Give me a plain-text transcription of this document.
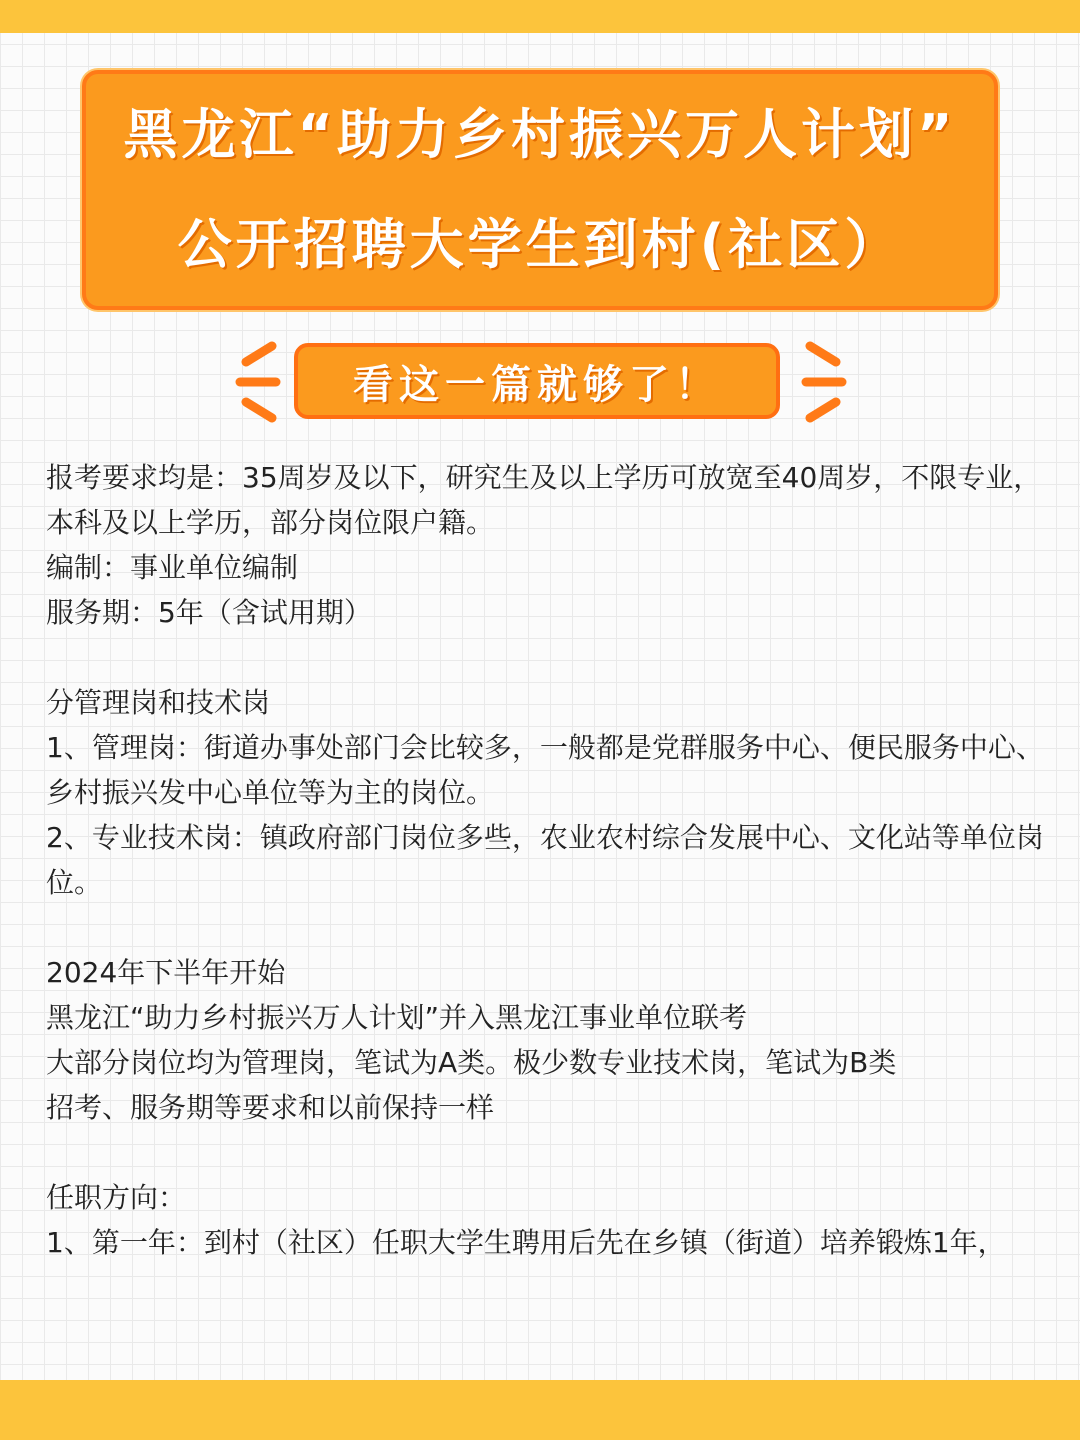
黑龙江“助力乡村振兴万人计划”
公开招聘大学生到村(社区）
看这一篇就够了！

报考要求均是：35周岁及以下，研究生及以上学历可放宽至40周岁，不限专业，本科及以上学历，部分岗位限户籍。

编制：事业单位编制

服务期：5年（含试用期）

分管理岗和技术岗

1、管理岗：街道办事处部门会比较多，一般都是党群服务中心、便民服务中心、乡村振兴发中心单位等为主的岗位。

2、专业技术岗：镇政府部门岗位多些，农业农村综合发展中心、文化站等单位岗位。

2024年下半年开始

黑龙江“助力乡村振兴万人计划”并入黑龙江事业单位联考

大部分岗位均为管理岗，笔试为A类。极少数专业技术岗，笔试为B类

招考、服务期等要求和以前保持一样

任职方向：

1、第一年：到村（社区）任职大学生聘用后先在乡镇（街道）培养锻炼1年，
